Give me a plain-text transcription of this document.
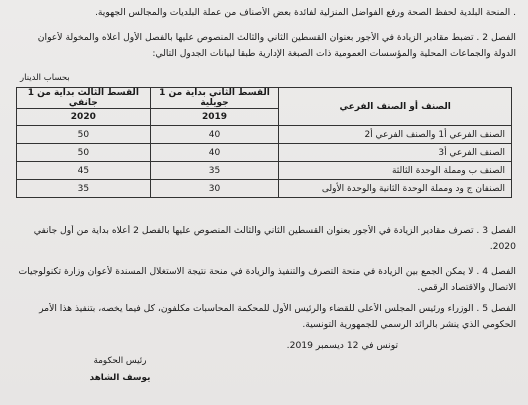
. المنحة البلدية لحفظ الصحة ورفع الفواضل المنزلية لفائدة بعض الأصناف من عملة البلديات والمجالس الجهوية.
الفصل 2 . تضبط مقادير الزيادة في الأجور بعنوان القسطين الثاني والثالث المنصوص عليها بالفصل الأول أعلاه والمخولة لأعوان
الدولة والجماعات المحلية والمؤسسات العمومية ذات الصبغة الإدارية طبقا لبيانات الجدول التالي:
بحساب الدينار
الصنف أو الصنف الفرعي	القسط الثاني بداية من 1 جويلية	القسط الثالث بداية من 1 جانفي
	2019	2020
الصنف الفرعي أ1 والصنف الفرعي أ2	40	50
الصنف الفرعي أ3	40	50
الصنف ب ومملة الوحدة الثالثة	35	45
الصنفان ج ود ومملة الوحدة الثانية والوحدة الأولى	30	35
الفصل 3 . تصرف مقادير الزيادة في الأجور بعنوان القسطين الثاني والثالث المنصوص عليها بالفصل 2 أعلاه بداية من أول جانفي
2020.
الفصل 4 . لا يمكن الجمع بين الزيادة في منحة التصرف والتنفيذ والزيادة في منحة نتيجة الاستغلال المسندة لأعوان وزارة تكنولوجيات
الاتصال والاقتصاد الرقمي.
الفصل 5 . الوزراء ورئيس المجلس الأعلى للقضاء والرئيس الأول للمحكمة المحاسبات مكلفون، كل فيما يخصه، بتنفيذ هذا الأمر
الحكومي الذي ينشر بالرائد الرسمي للجمهورية التونسية.
تونس في 12 ديسمبر 2019.
رئيس الحكومة
يوسف الشاهد
